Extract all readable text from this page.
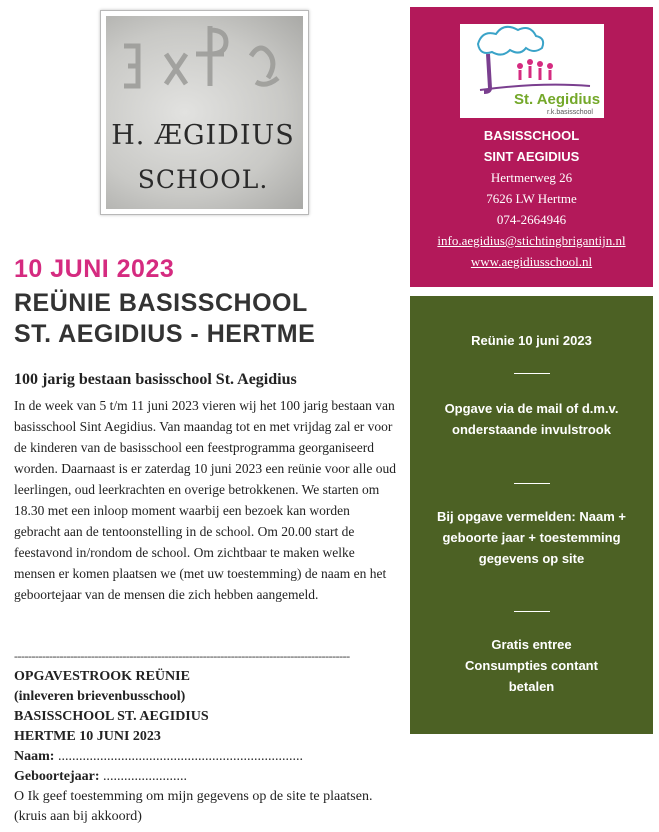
H. ÆGIDIUS
SCHOOL.
St. Aegidius
r.k.basisschool
BASISSCHOOL
SINT AEGIDIUS
Hertmerweg 26
7626 LW Hertme
074-2664946
info.aegidius@stichtingbrigantijn.nl
www.aegidiusschool.nl
10 JUNI 2023
REÜNIE BASISSCHOOL
ST. AEGIDIUS - HERTME
100 jarig bestaan basisschool St. Aegidius

In de week van 5 t/m 11 juni 2023 vieren wij het 100 jarig bestaan van basisschool Sint Aegidius. Van maandag tot en met vrijdag zal er voor de kinderen van de basisschool een feestprogramma georganiseerd worden. Daarnaast is er zaterdag 10 juni 2023 een reünie voor alle oud leerlingen, oud leerkrachten en overige betrokkenen. We starten om 18.30 met een inloop moment waarbij een bezoek kan worden gebracht aan de tentoonstelling in de school. Om 20.00 start de feestavond in/rondom de school. Om zichtbaar te maken welke mensen er komen plaatsen we (met uw toestemming) de naam en het geboortejaar van de mensen die zich hebben aangemeld.

------------------------------------------------------------------------------------------------

OPGAVESTROOK REÜNIE
(inleveren brievenbusschool)
BASISSCHOOL ST. AEGIDIUS
HERTME 10 JUNI 2023
Naam: ......................................................................
Geboortejaar: ........................
O Ik geef toestemming om mijn gegevens op de site te plaatsen. (kruis aan bij akkoord)

Reünie 10 juni 2023

Opgave via de mail of d.m.v. onderstaande invulstrook

Bij opgave vermelden: Naam + geboorte jaar + toestemming gegevens op site

Gratis entree

Consumpties contant betalen
